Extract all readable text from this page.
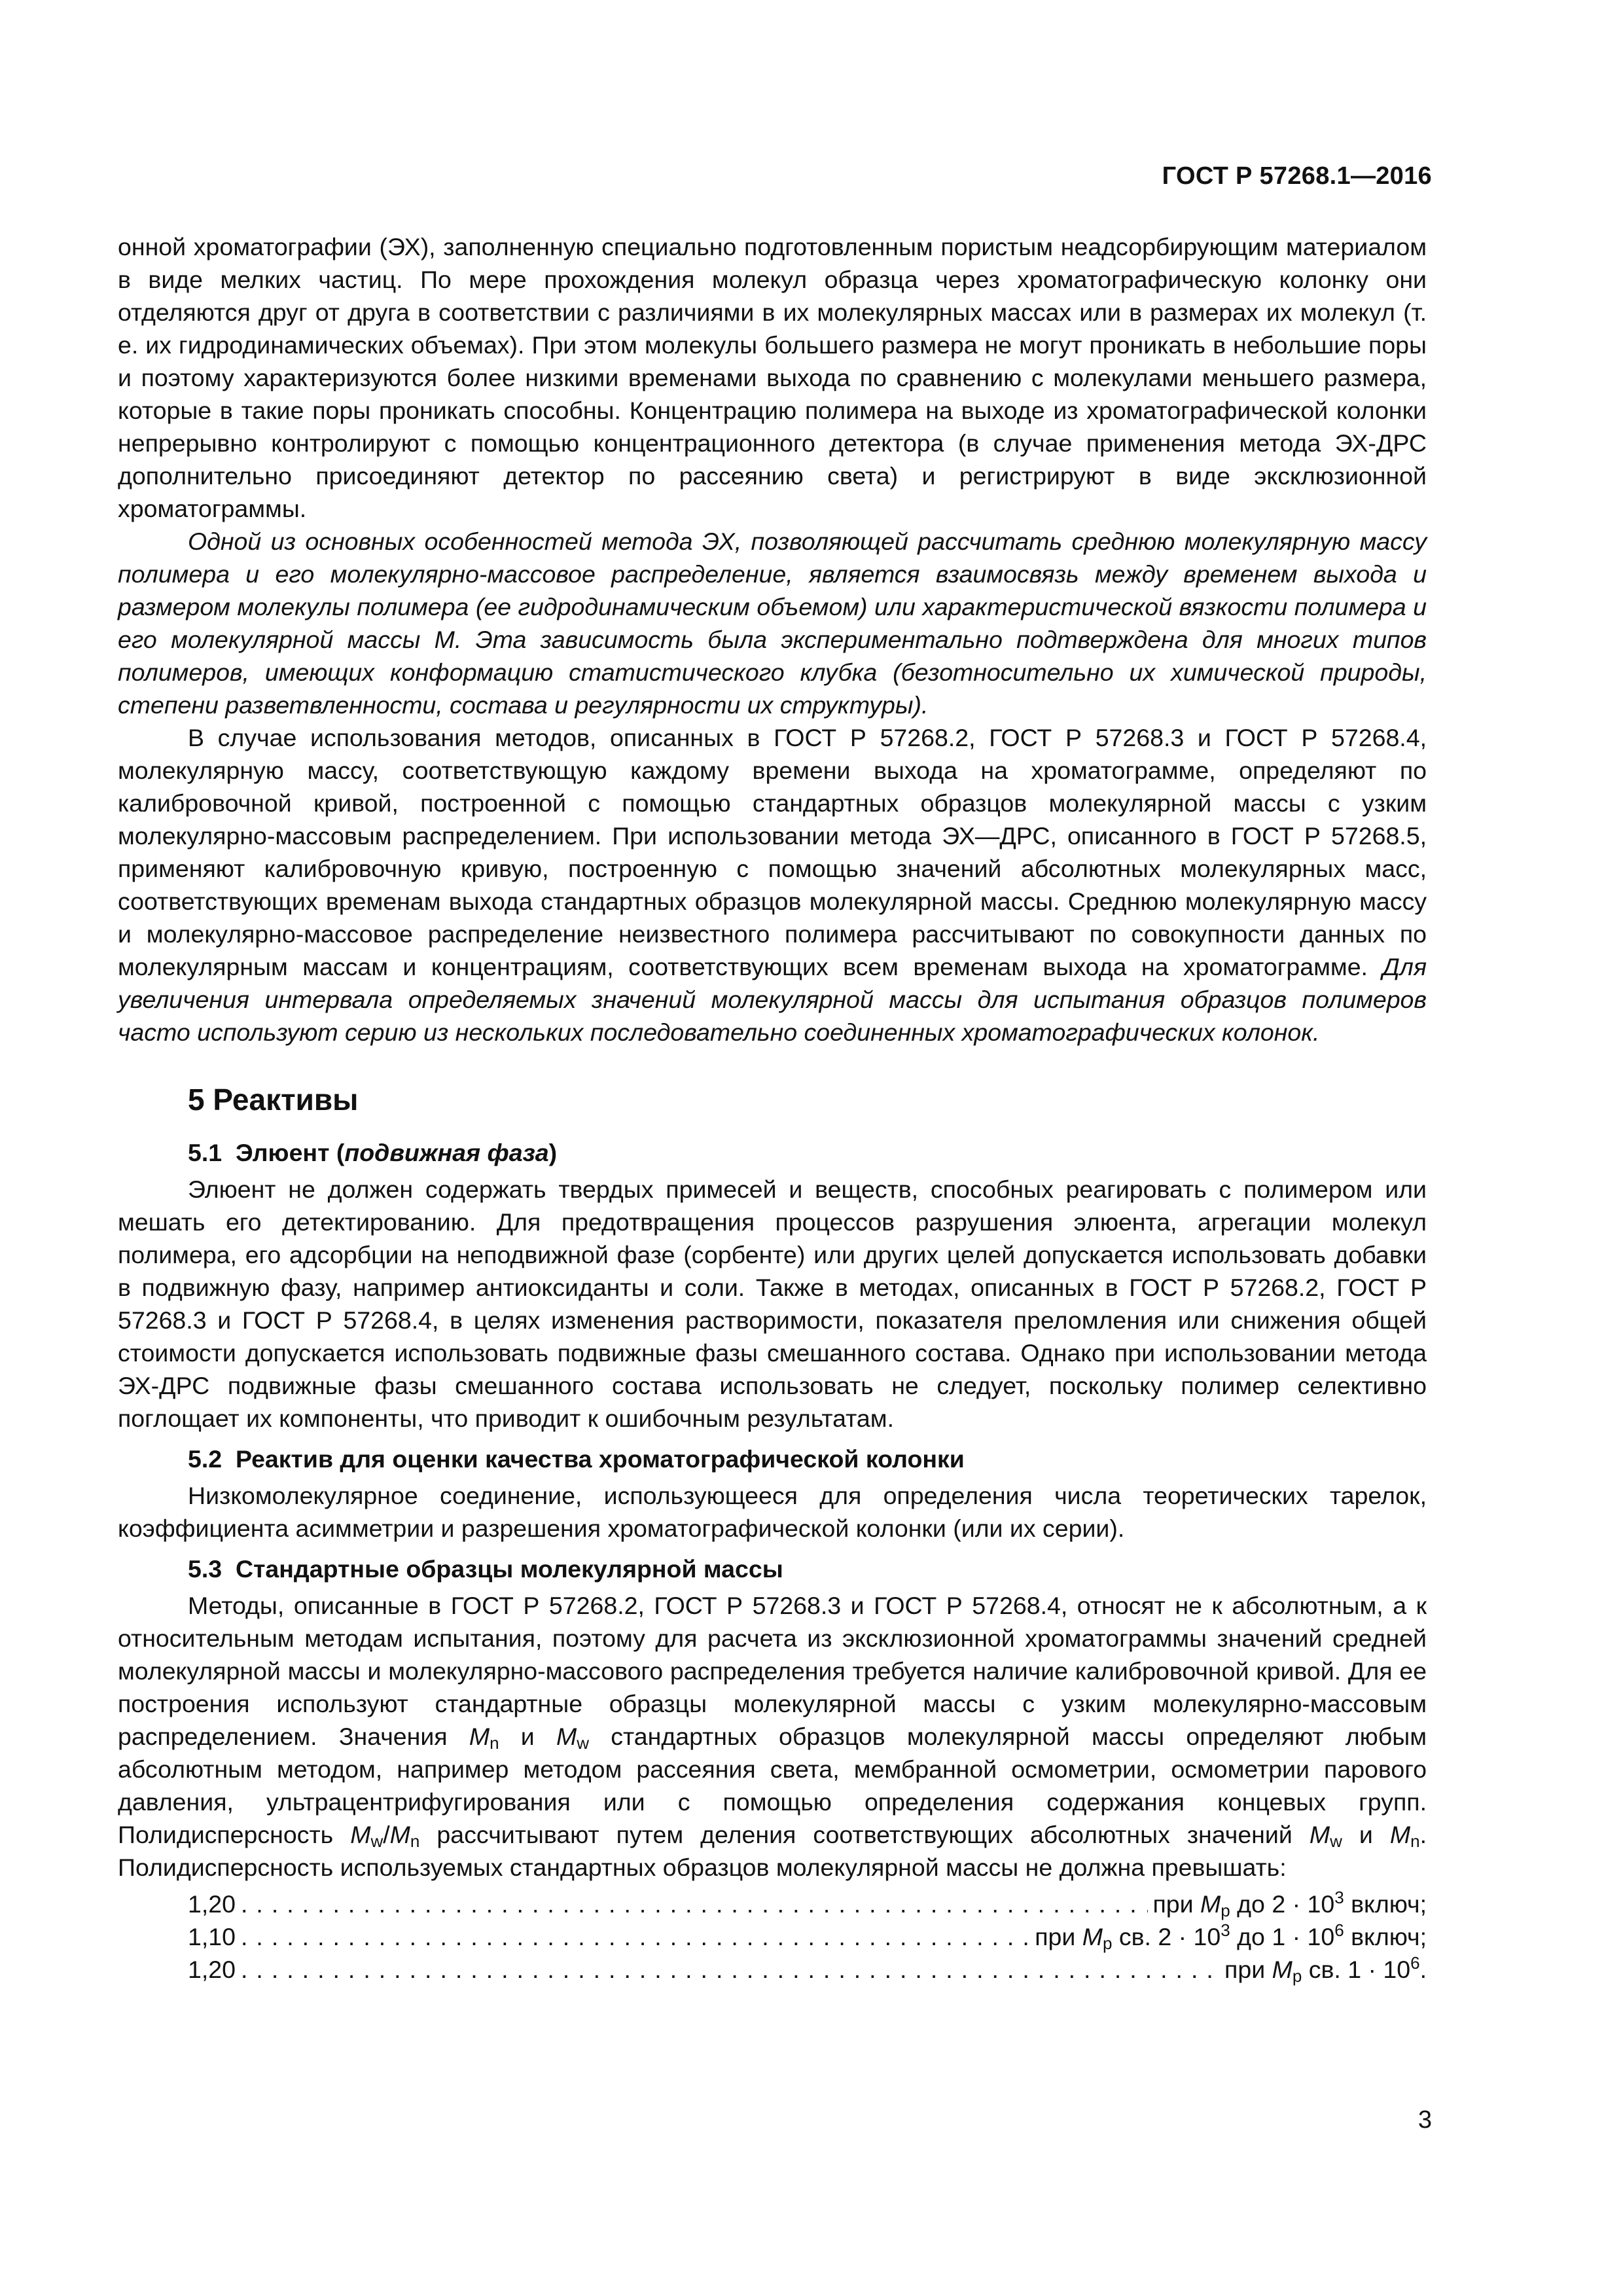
ГОСТ Р 57268.1—2016

онной хроматографии (ЭХ), заполненную специально подготовленным пористым неадсорбирующим материалом в виде мелких частиц. По мере прохождения молекул образца через хроматографическую колонку они отделяются друг от друга в соответствии с различиями в их молекулярных массах или в размерах их молекул (т. е. их гидродинамических объемах). При этом молекулы большего размера не могут проникать в небольшие поры и поэтому характеризуются более низкими временами выхода по сравнению с молекулами меньшего размера, которые в такие поры проникать способны. Концентрацию полимера на выходе из хроматографической колонки непрерывно контролируют с помощью концентрационного детектора (в случае применения метода ЭХ-ДРС дополнительно присоединяют детектор по рассеянию света) и регистрируют в виде эксклюзионной хроматограммы.

Одной из основных особенностей метода ЭХ, позволяющей рассчитать среднюю молекулярную массу полимера и его молекулярно-массовое распределение, является взаимосвязь между временем выхода и размером молекулы полимера (ее гидродинамическим объемом) или характеристической вязкости полимера и его молекулярной массы М. Эта зависимость была экспериментально подтверждена для многих типов полимеров, имеющих конформацию статистического клубка (безотносительно их химической природы, степени разветвленности, состава и регулярности их структуры).

В случае использования методов, описанных в ГОСТ Р 57268.2, ГОСТ Р 57268.3 и ГОСТ Р 57268.4, молекулярную массу, соответствующую каждому времени выхода на хроматограмме, определяют по калибровочной кривой, построенной с помощью стандартных образцов молекулярной массы с узким молекулярно-массовым распределением. При использовании метода ЭХ—ДРС, описанного в ГОСТ Р 57268.5, применяют калибровочную кривую, построенную с помощью значений абсолютных молекулярных масс, соответствующих временам выхода стандартных образцов молекулярной массы. Среднюю молекулярную массу и молекулярно-массовое распределение неизвестного полимера рассчитывают по совокупности данных по молекулярным массам и концентрациям, соответствующих всем временам выхода на хроматограмме. Для увеличения интервала определяемых значений молекулярной массы для испытания образцов полимеров часто используют серию из нескольких последовательно соединенных хроматографических колонок.

5 Реактивы
5.1 Элюент (подвижная фаза)

Элюент не должен содержать твердых примесей и веществ, способных реагировать с полимером или мешать его детектированию. Для предотвращения процессов разрушения элюента, агрегации молекул полимера, его адсорбции на неподвижной фазе (сорбенте) или других целей допускается использовать добавки в подвижную фазу, например антиоксиданты и соли. Также в методах, описанных в ГОСТ Р 57268.2, ГОСТ Р 57268.3 и ГОСТ Р 57268.4, в целях изменения растворимости, показателя преломления или снижения общей стоимости допускается использовать подвижные фазы смешанного состава. Однако при использовании метода ЭХ-ДРС подвижные фазы смешанного состава использовать не следует, поскольку полимер селективно поглощает их компоненты, что приводит к ошибочным результатам.

5.2 Реактив для оценки качества хроматографической колонки

Низкомолекулярное соединение, использующееся для определения числа теоретических тарелок, коэффициента асимметрии и разрешения хроматографической колонки (или их серии).

5.3 Стандартные образцы молекулярной массы

Методы, описанные в ГОСТ Р 57268.2, ГОСТ Р 57268.3 и ГОСТ Р 57268.4, относят не к абсолютным, а к относительным методам испытания, поэтому для расчета из эксклюзионной хроматограммы значений средней молекулярной массы и молекулярно-массового распределения требуется наличие калибровочной кривой. Для ее построения используют стандартные образцы молекулярной массы с узким молекулярно-массовым распределением. Значения $M_n$ и $M_w$ стандартных образцов молекулярной массы определяют любым абсолютным методом, например методом рассеяния света, мембранной осмометрии, осмометрии парового давления, ультрацентрифугирования или с помощью определения содержания концевых групп. Полидисперсность $M_w/M_n$ рассчитывают путем деления соответствующих абсолютных значений $M_w$ и $M_n$. Полидисперсность используемых стандартных образцов молекулярной массы не должна превышать:

1,20 .....	при $M_p$ до $2 \cdot 10^3$ включ;
1,10 .....	при $M_p$ св. $2 \cdot 10^3$ до $1 \cdot 10^6$ включ;
1,20 .....	при $M_p$ св. $1 \cdot 10^6$.
3
